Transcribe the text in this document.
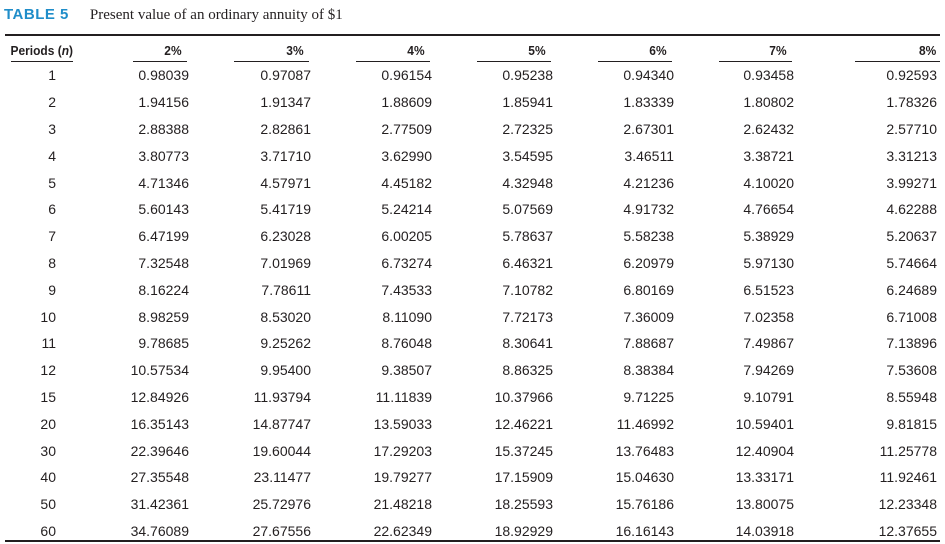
TABLE 5 Present value of an ordinary annuity of $1
Periods (n)	2%	3%	4%	5%	6%	7%	8%

1	0.98039	0.97087	0.96154	0.95238	0.94340	0.93458	0.92593
2	1.94156	1.91347	1.88609	1.85941	1.83339	1.80802	1.78326
3	2.88388	2.82861	2.77509	2.72325	2.67301	2.62432	2.57710
4	3.80773	3.71710	3.62990	3.54595	3.46511	3.38721	3.31213
5	4.71346	4.57971	4.45182	4.32948	4.21236	4.10020	3.99271
6	5.60143	5.41719	5.24214	5.07569	4.91732	4.76654	4.62288
7	6.47199	6.23028	6.00205	5.78637	5.58238	5.38929	5.20637
8	7.32548	7.01969	6.73274	6.46321	6.20979	5.97130	5.74664
9	8.16224	7.78611	7.43533	7.10782	6.80169	6.51523	6.24689
10	8.98259	8.53020	8.11090	7.72173	7.36009	7.02358	6.71008
11	9.78685	9.25262	8.76048	8.30641	7.88687	7.49867	7.13896
12	10.57534	9.95400	9.38507	8.86325	8.38384	7.94269	7.53608
15	12.84926	11.93794	11.11839	10.37966	9.71225	9.10791	8.55948
20	16.35143	14.87747	13.59033	12.46221	11.46992	10.59401	9.81815
30	22.39646	19.60044	17.29203	15.37245	13.76483	12.40904	11.25778
40	27.35548	23.11477	19.79277	17.15909	15.04630	13.33171	11.92461
50	31.42361	25.72976	21.48218	18.25593	15.76186	13.80075	12.23348
60	34.76089	27.67556	22.62349	18.92929	16.16143	14.03918	12.37655
